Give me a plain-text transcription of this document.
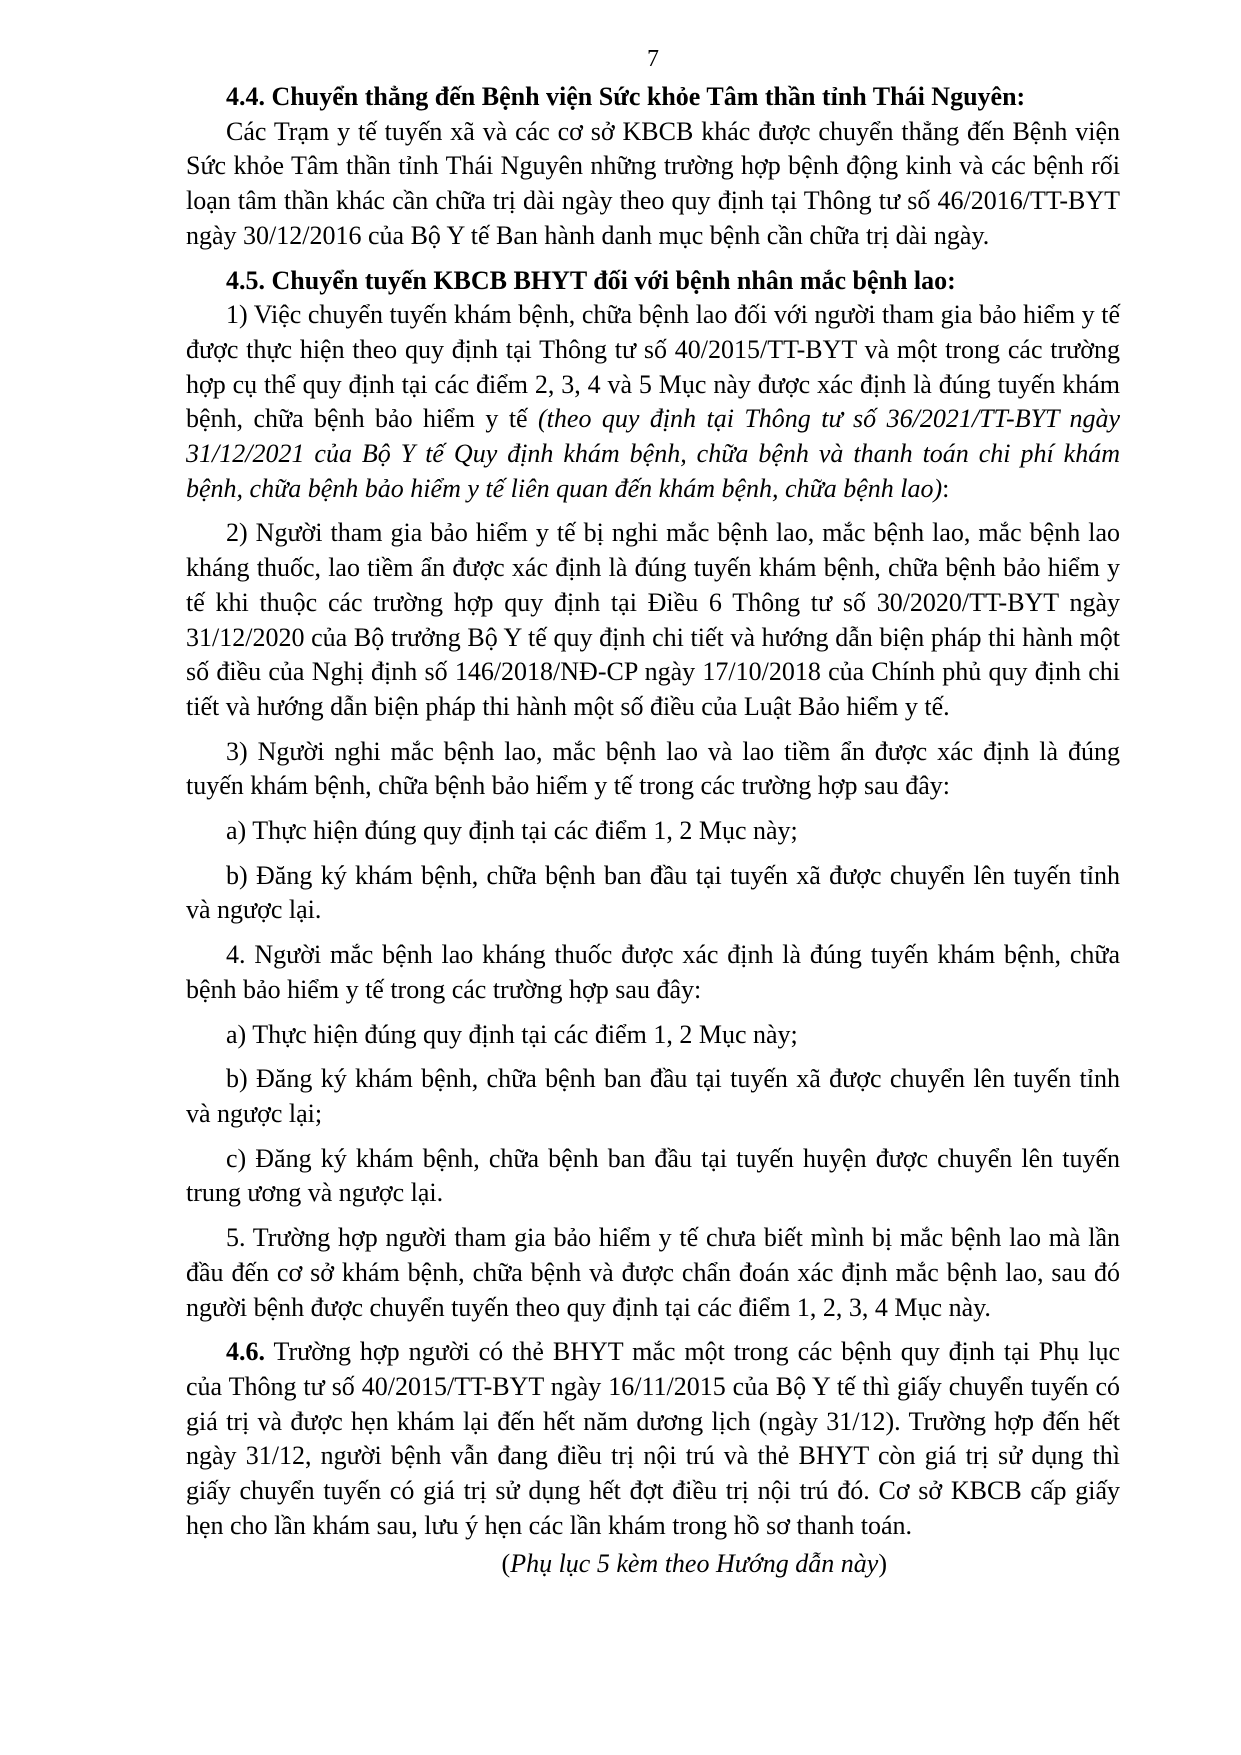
7

4.4. Chuyển thẳng đến Bệnh viện Sức khỏe Tâm thần tỉnh Thái Nguyên:

Các Trạm y tế tuyến xã và các cơ sở KBCB khác được chuyển thẳng đến Bệnh viện Sức khỏe Tâm thần tỉnh Thái Nguyên những trường hợp bệnh động kinh và các bệnh rối loạn tâm thần khác cần chữa trị dài ngày theo quy định tại Thông tư số 46/2016/TT-BYT ngày 30/12/2016 của Bộ Y tế Ban hành danh mục bệnh cần chữa trị dài ngày.

4.5. Chuyển tuyến KBCB BHYT đối với bệnh nhân mắc bệnh lao:

1) Việc chuyển tuyến khám bệnh, chữa bệnh lao đối với người tham gia bảo hiểm y tế được thực hiện theo quy định tại Thông tư số 40/2015/TT-BYT và một trong các trường hợp cụ thể quy định tại các điểm 2, 3, 4 và 5 Mục này được xác định là đúng tuyến khám bệnh, chữa bệnh bảo hiểm y tế (theo quy định tại Thông tư số 36/2021/TT-BYT ngày 31/12/2021 của Bộ Y tế Quy định khám bệnh, chữa bệnh và thanh toán chi phí khám bệnh, chữa bệnh bảo hiểm y tế liên quan đến khám bệnh, chữa bệnh lao):

2) Người tham gia bảo hiểm y tế bị nghi mắc bệnh lao, mắc bệnh lao, mắc bệnh lao kháng thuốc, lao tiềm ẩn được xác định là đúng tuyến khám bệnh, chữa bệnh bảo hiểm y tế khi thuộc các trường hợp quy định tại Điều 6 Thông tư số 30/2020/TT-BYT ngày 31/12/2020 của Bộ trưởng Bộ Y tế quy định chi tiết và hướng dẫn biện pháp thi hành một số điều của Nghị định số 146/2018/NĐ-CP ngày 17/10/2018 của Chính phủ quy định chi tiết và hướng dẫn biện pháp thi hành một số điều của Luật Bảo hiểm y tế.

3) Người nghi mắc bệnh lao, mắc bệnh lao và lao tiềm ẩn được xác định là đúng tuyến khám bệnh, chữa bệnh bảo hiểm y tế trong các trường hợp sau đây:

a) Thực hiện đúng quy định tại các điểm 1, 2 Mục này;

b) Đăng ký khám bệnh, chữa bệnh ban đầu tại tuyến xã được chuyển lên tuyến tỉnh và ngược lại.

4. Người mắc bệnh lao kháng thuốc được xác định là đúng tuyến khám bệnh, chữa bệnh bảo hiểm y tế trong các trường hợp sau đây:

a) Thực hiện đúng quy định tại các điểm 1, 2 Mục này;

b) Đăng ký khám bệnh, chữa bệnh ban đầu tại tuyến xã được chuyển lên tuyến tỉnh và ngược lại;

c) Đăng ký khám bệnh, chữa bệnh ban đầu tại tuyến huyện được chuyển lên tuyến trung ương và ngược lại.

5. Trường hợp người tham gia bảo hiểm y tế chưa biết mình bị mắc bệnh lao mà lần đầu đến cơ sở khám bệnh, chữa bệnh và được chẩn đoán xác định mắc bệnh lao, sau đó người bệnh được chuyển tuyến theo quy định tại các điểm 1, 2, 3, 4 Mục này.

4.6. Trường hợp người có thẻ BHYT mắc một trong các bệnh quy định tại Phụ lục của Thông tư số 40/2015/TT-BYT ngày 16/11/2015 của Bộ Y tế thì giấy chuyển tuyến có giá trị và được hẹn khám lại đến hết năm dương lịch (ngày 31/12). Trường hợp đến hết ngày 31/12, người bệnh vẫn đang điều trị nội trú và thẻ BHYT còn giá trị sử dụng thì giấy chuyển tuyến có giá trị sử dụng hết đợt điều trị nội trú đó. Cơ sở KBCB cấp giấy hẹn cho lần khám sau, lưu ý hẹn các lần khám trong hồ sơ thanh toán.

(Phụ lục 5 kèm theo Hướng dẫn này)
